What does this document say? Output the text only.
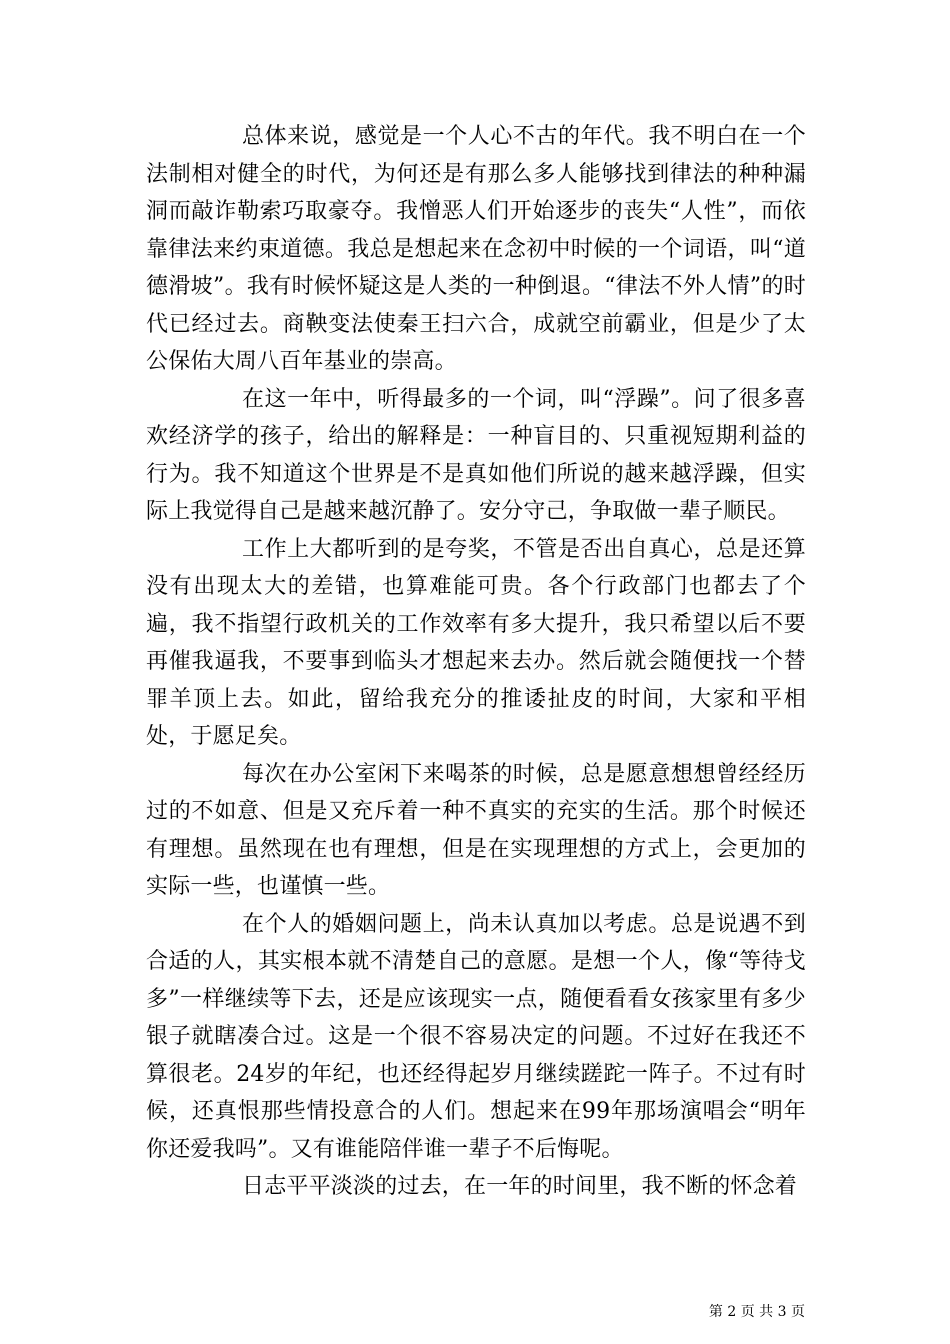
总体来说，感觉是一个人心不古的年代。我不明白在一个法制相对健全的时代，为何还是有那么多人能够找到律法的种种漏洞而敲诈勒索巧取豪夺。我憎恶人们开始逐步的丧失“人性”，而依靠律法来约束道德。我总是想起来在念初中时候的一个词语，叫“道德滑坡”。我有时候怀疑这是人类的一种倒退。“律法不外人情”的时代已经过去。商鞅变法使秦王扫六合，成就空前霸业，但是少了太公保佑大周八百年基业的崇高。

在这一年中，听得最多的一个词，叫“浮躁”。问了很多喜欢经济学的孩子，给出的解释是：一种盲目的、只重视短期利益的行为。我不知道这个世界是不是真如他们所说的越来越浮躁，但实际上我觉得自己是越来越沉静了。安分守己，争取做一辈子顺民。

工作上大都听到的是夸奖，不管是否出自真心，总是还算没有出现太大的差错，也算难能可贵。各个行政部门也都去了个遍，我不指望行政机关的工作效率有多大提升，我只希望以后不要再催我逼我，不要事到临头才想起来去办。然后就会随便找一个替罪羊顶上去。如此，留给我充分的推诿扯皮的时间，大家和平相处，于愿足矣。

每次在办公室闲下来喝茶的时候，总是愿意想想曾经经历过的不如意、但是又充斥着一种不真实的充实的生活。那个时候还有理想。虽然现在也有理想，但是在实现理想的方式上，会更加的实际一些，也谨慎一些。

在个人的婚姻问题上，尚未认真加以考虑。总是说遇不到合适的人，其实根本就不清楚自己的意愿。是想一个人，像“等待戈多”一样继续等下去，还是应该现实一点，随便看看女孩家里有多少银子就瞎凑合过。这是一个很不容易决定的问题。不过好在我还不算很老。24岁的年纪，也还经得起岁月继续蹉跎一阵子。不过有时候，还真恨那些情投意合的人们。想起来在99年那场演唱会“明年你还爱我吗”。又有谁能陪伴谁一辈子不后悔呢。

日志平平淡淡的过去，在一年的时间里，我不断的怀念着

第 2 页 共 3 页
